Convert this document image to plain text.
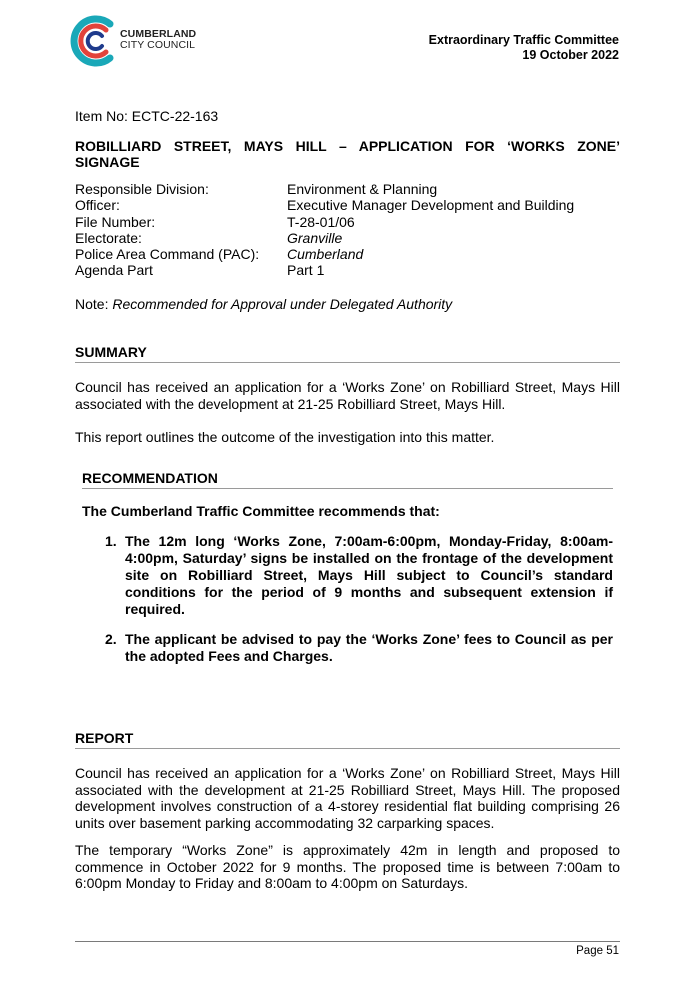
CUMBERLAND
CITY COUNCIL	Extraordinary Traffic Committee
19 October 2022
Item No: ECTC-22-163
ROBILLIARD STREET, MAYS HILL – APPLICATION FOR ‘WORKS ZONE’
SIGNAGE
Responsible Division:	Environment & Planning
Officer:	Executive Manager Development and Building
File Number:	T-28-01/06
Electorate:	Granville
Police Area Command (PAC):	Cumberland
Agenda Part	Part 1
Note: Recommended for Approval under Delegated Authority
SUMMARY
Council has received an application for a ‘Works Zone’ on Robilliard Street, Mays Hill associated with the development at 21-25 Robilliard Street, Mays Hill.
This report outlines the outcome of the investigation into this matter.
RECOMMENDATION
The Cumberland Traffic Committee recommends that:
1. The 12m long ‘Works Zone, 7:00am-6:00pm, Monday-Friday, 8:00am-4:00pm, Saturday’ signs be installed on the frontage of the development site on Robilliard Street, Mays Hill subject to Council’s standard conditions for the period of 9 months and subsequent extension if required.
2. The applicant be advised to pay the ‘Works Zone’ fees to Council as per the adopted Fees and Charges.
REPORT
Council has received an application for a ‘Works Zone’ on Robilliard Street, Mays Hill associated with the development at 21-25 Robilliard Street, Mays Hill. The proposed development involves construction of a 4-storey residential flat building comprising 26 units over basement parking accommodating 32 carparking spaces.
The temporary “Works Zone” is approximately 42m in length and proposed to commence in October 2022 for 9 months. The proposed time is between 7:00am to 6:00pm Monday to Friday and 8:00am to 4:00pm on Saturdays.
Page 51
